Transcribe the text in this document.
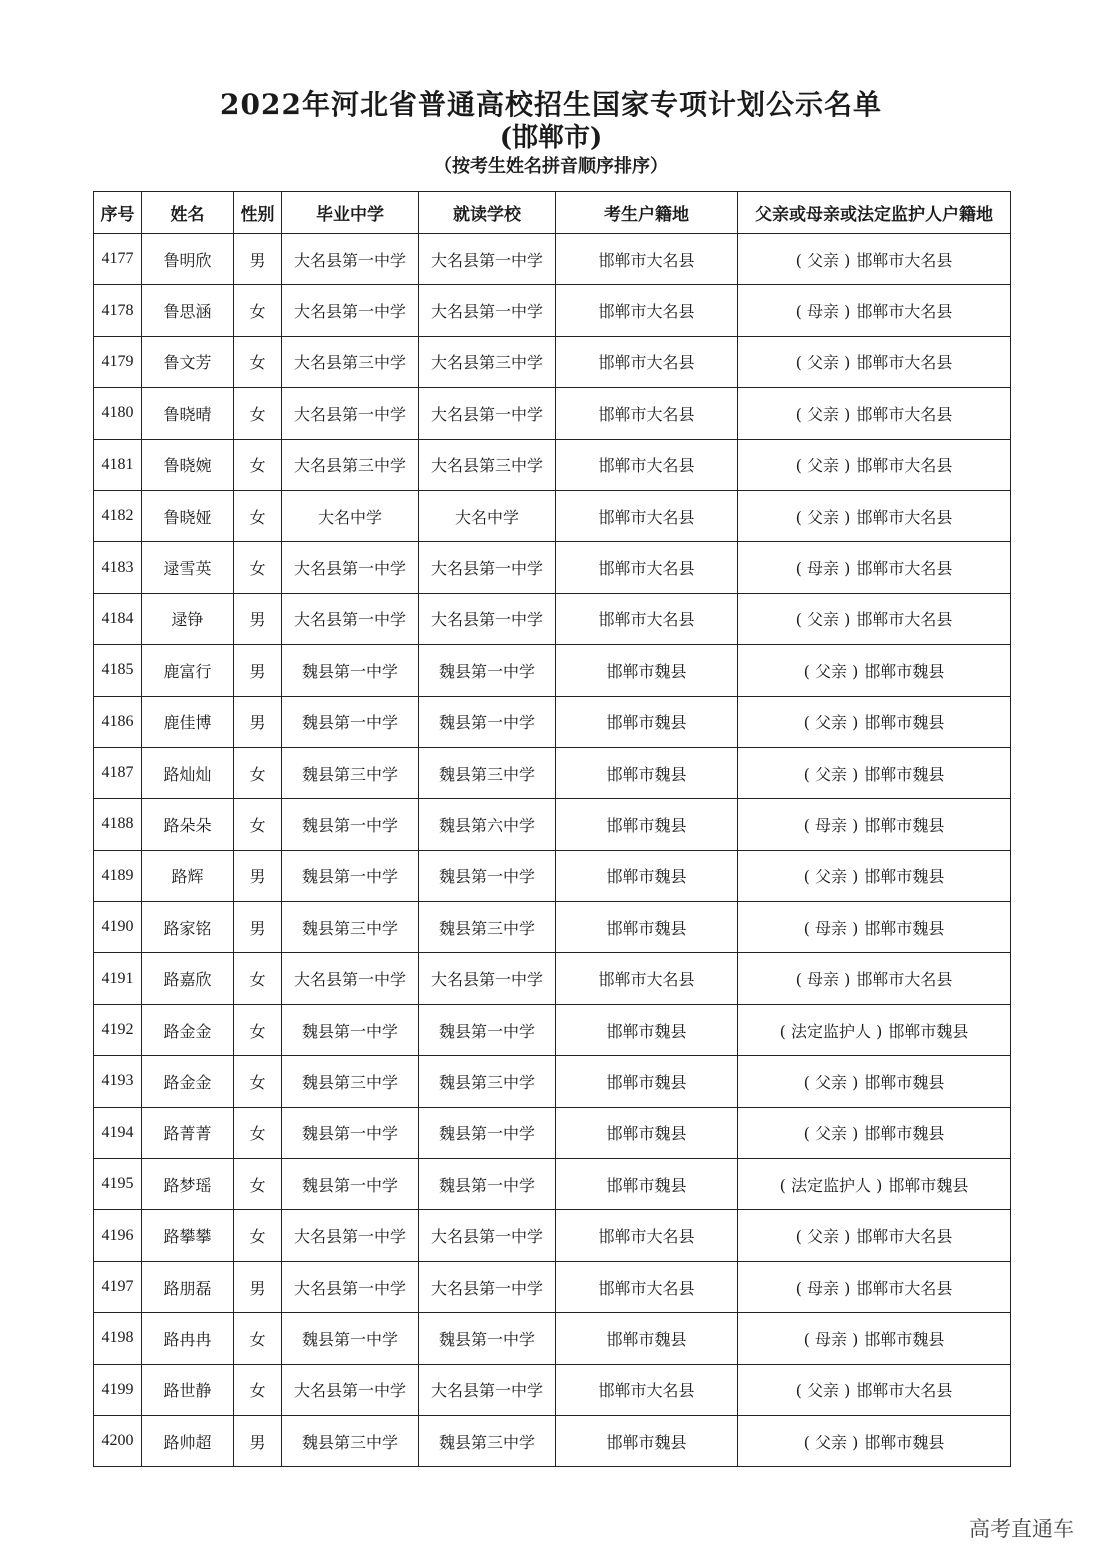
2022年河北省普通高校招生国家专项计划公示名单
(邯郸市)
（按考生姓名拼音顺序排序）
序号	姓名	性别	毕业中学	就读学校	考生户籍地	父亲或母亲或法定监护人户籍地
4177	鲁明欣	男	大名县第一中学	大名县第一中学	邯郸市大名县	( 父亲 ) 邯郸市大名县
4178	鲁思涵	女	大名县第一中学	大名县第一中学	邯郸市大名县	( 母亲 ) 邯郸市大名县
4179	鲁文芳	女	大名县第三中学	大名县第三中学	邯郸市大名县	( 父亲 ) 邯郸市大名县
4180	鲁晓晴	女	大名县第一中学	大名县第一中学	邯郸市大名县	( 父亲 ) 邯郸市大名县
4181	鲁晓婉	女	大名县第三中学	大名县第三中学	邯郸市大名县	( 父亲 ) 邯郸市大名县
4182	鲁晓娅	女	大名中学	大名中学	邯郸市大名县	( 父亲 ) 邯郸市大名县
4183	逯雪英	女	大名县第一中学	大名县第一中学	邯郸市大名县	( 母亲 ) 邯郸市大名县
4184	逯铮	男	大名县第一中学	大名县第一中学	邯郸市大名县	( 父亲 ) 邯郸市大名县
4185	鹿富行	男	魏县第一中学	魏县第一中学	邯郸市魏县	( 父亲 ) 邯郸市魏县
4186	鹿佳博	男	魏县第一中学	魏县第一中学	邯郸市魏县	( 父亲 ) 邯郸市魏县
4187	路灿灿	女	魏县第三中学	魏县第三中学	邯郸市魏县	( 父亲 ) 邯郸市魏县
4188	路朵朵	女	魏县第一中学	魏县第六中学	邯郸市魏县	( 母亲 ) 邯郸市魏县
4189	路辉	男	魏县第一中学	魏县第一中学	邯郸市魏县	( 父亲 ) 邯郸市魏县
4190	路家铭	男	魏县第三中学	魏县第三中学	邯郸市魏县	( 母亲 ) 邯郸市魏县
4191	路嘉欣	女	大名县第一中学	大名县第一中学	邯郸市大名县	( 母亲 ) 邯郸市大名县
4192	路金金	女	魏县第一中学	魏县第一中学	邯郸市魏县	( 法定监护人 ) 邯郸市魏县
4193	路金金	女	魏县第三中学	魏县第三中学	邯郸市魏县	( 父亲 ) 邯郸市魏县
4194	路菁菁	女	魏县第一中学	魏县第一中学	邯郸市魏县	( 父亲 ) 邯郸市魏县
4195	路梦瑶	女	魏县第一中学	魏县第一中学	邯郸市魏县	( 法定监护人 ) 邯郸市魏县
4196	路攀攀	女	大名县第一中学	大名县第一中学	邯郸市大名县	( 父亲 ) 邯郸市大名县
4197	路朋磊	男	大名县第一中学	大名县第一中学	邯郸市大名县	( 母亲 ) 邯郸市大名县
4198	路冉冉	女	魏县第一中学	魏县第一中学	邯郸市魏县	( 母亲 ) 邯郸市魏县
4199	路世静	女	大名县第一中学	大名县第一中学	邯郸市大名县	( 父亲 ) 邯郸市大名县
4200	路帅超	男	魏县第三中学	魏县第三中学	邯郸市魏县	( 父亲 ) 邯郸市魏县
高考直通车
